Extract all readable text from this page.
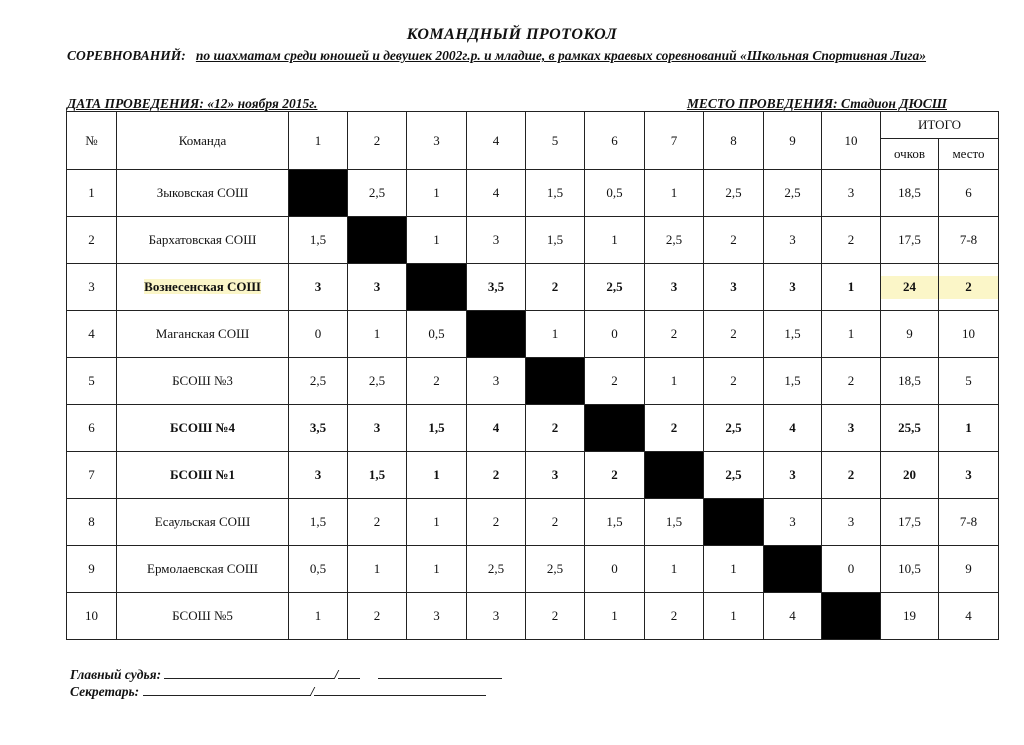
КОМАНДНЫЙ ПРОТОКОЛ
СОРЕВНОВАНИЙ: по шахматам среди юношей и девушек 2002г.р. и младше, в рамках краевых соревнований «Школьная Спортивная Лига»
ДАТА ПРОВЕДЕНИЯ: «12» ноября 2015г.	МЕСТО ПРОВЕДЕНИЯ: Стадион ДЮСШ
№	Команда	1	2	3	4	5	6	7	8	9	10	ИТОГО	
												очков	место
1	Зыковская СОШ		2,5	1	4	1,5	0,5	1	2,5	2,5	3	18,5	6
2	Бархатовская СОШ	1,5		1	3	1,5	1	2,5	2	3	2	17,5	7-8
3	Вознесенская СОШ	3	3		3,5	2	2,5	3	3	3	1	24	2
4	Маганская СОШ	0	1	0,5		1	0	2	2	1,5	1	9	10
5	БСОШ №3	2,5	2,5	2	3		2	1	2	1,5	2	18,5	5
6	БСОШ №4	3,5	3	1,5	4	2		2	2,5	4	3	25,5	1
7	БСОШ №1	3	1,5	1	2	3	2		2,5	3	2	20	3
8	Есаульская СОШ	1,5	2	1	2	2	1,5	1,5		3	3	17,5	7-8
9	Ермолаевская СОШ	0,5	1	1	2,5	2,5	0	1	1		0	10,5	9
10	БСОШ №5	1	2	3	3	2	1	2	1	4		19	4
Главный судья:	/
Секретарь:	/
